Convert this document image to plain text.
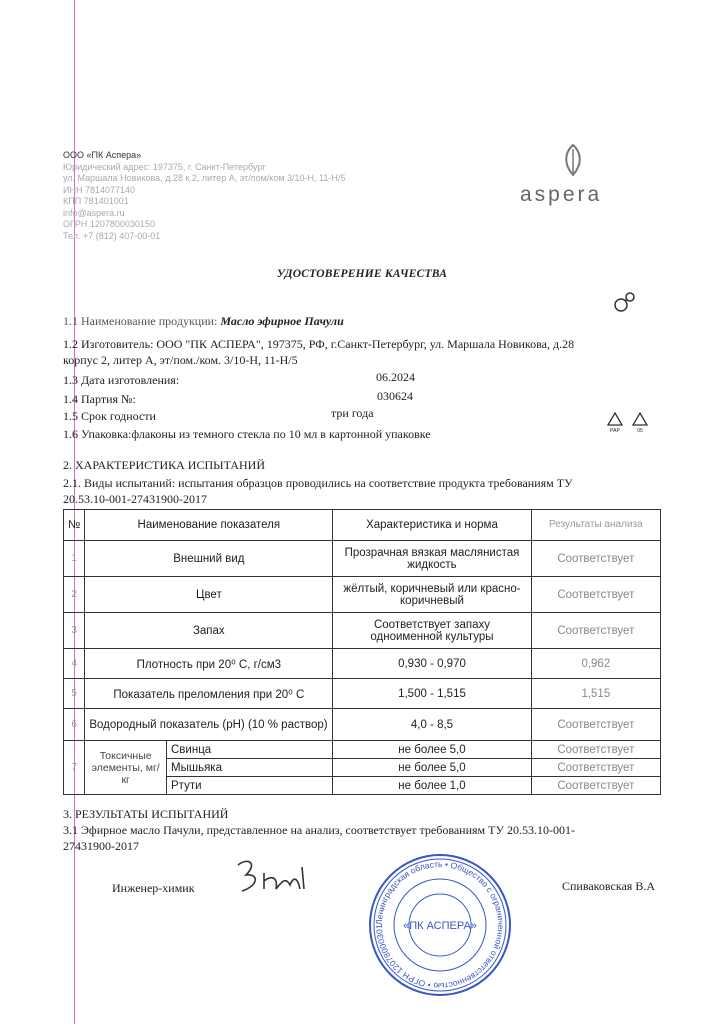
ООО «ПК Аспера»
Юридический адрес: 197375, г. Санкт-Петербург
ул. Маршала Новикова, д.28 к.2, литер А, эт/пом/ком 3/10-Н, 11-Н/5
ИНН 7814077140
КПП 781401001
info@aspera.ru
ОГРН 1207800030150
Тел. +7 (812) 407-00-01
aspera
УДОСТОВЕРЕНИЕ КАЧЕСТВА
1.1 Наименование продукции: Масло эфирное Пачули
1.2 Изготовитель: ООО "ПК АСПЕРА", 197375, РФ, г.Санкт-Петербург, ул. Маршала Новикова, д.28
корпус 2, литер А, эт/пом./ком. 3/10-Н, 11-Н/5
1.3 Дата изготовления:	06.2024
1.4 Партия №:	030624
1.5 Срок годности	три года
1.6 Упаковка:флаконы из темного стекла по 10 мл в картонной упаковке	PAP	05
2. ХАРАКТЕРИСТИКА ИСПЫТАНИЙ
2.1. Виды испытаний: испытания образцов проводились на соответствие продукта требованиям ТУ
20.53.10-001-27431900-2017
№	Наименование показателя		Характеристика и норма	Результаты анализа
1	Внешний вид		Прозрачная вязкая маслянистая жидкость	Соответствует
2	Цвет		жёлтый, коричневый или красно-коричневый	Соответствует
3	Запах		Соответствует запаху одноименной культуры	Соответствует
4	Плотность при 20⁰ С, г/см3		0,930 - 0,970	0,962
5	Показатель преломления при 20⁰ С		1,500 - 1,515	1,515
6	Водородный показатель (рН) (10 % раствор)		4,0 - 8,5	Соответствует
7	Токсичные элементы, мг/кг	Свинца	не более 5,0	Соответствует
		Мышьяка	не более 5,0	Соответствует
		Ртути	не более 1,0	Соответствует
3. РЕЗУЛЬТАТЫ ИСПЫТАНИЙ
3.1 Эфирное масло Пачули, представленное на анализ, соответствует требованиям ТУ 20.53.10-001-
27431900-2017
Инженер-химик	Спиваковская В.А
Ленинградская область • Общество с ограниченной ответственностью • ОГРН 12078000301	«ПК АСПЕРА»
